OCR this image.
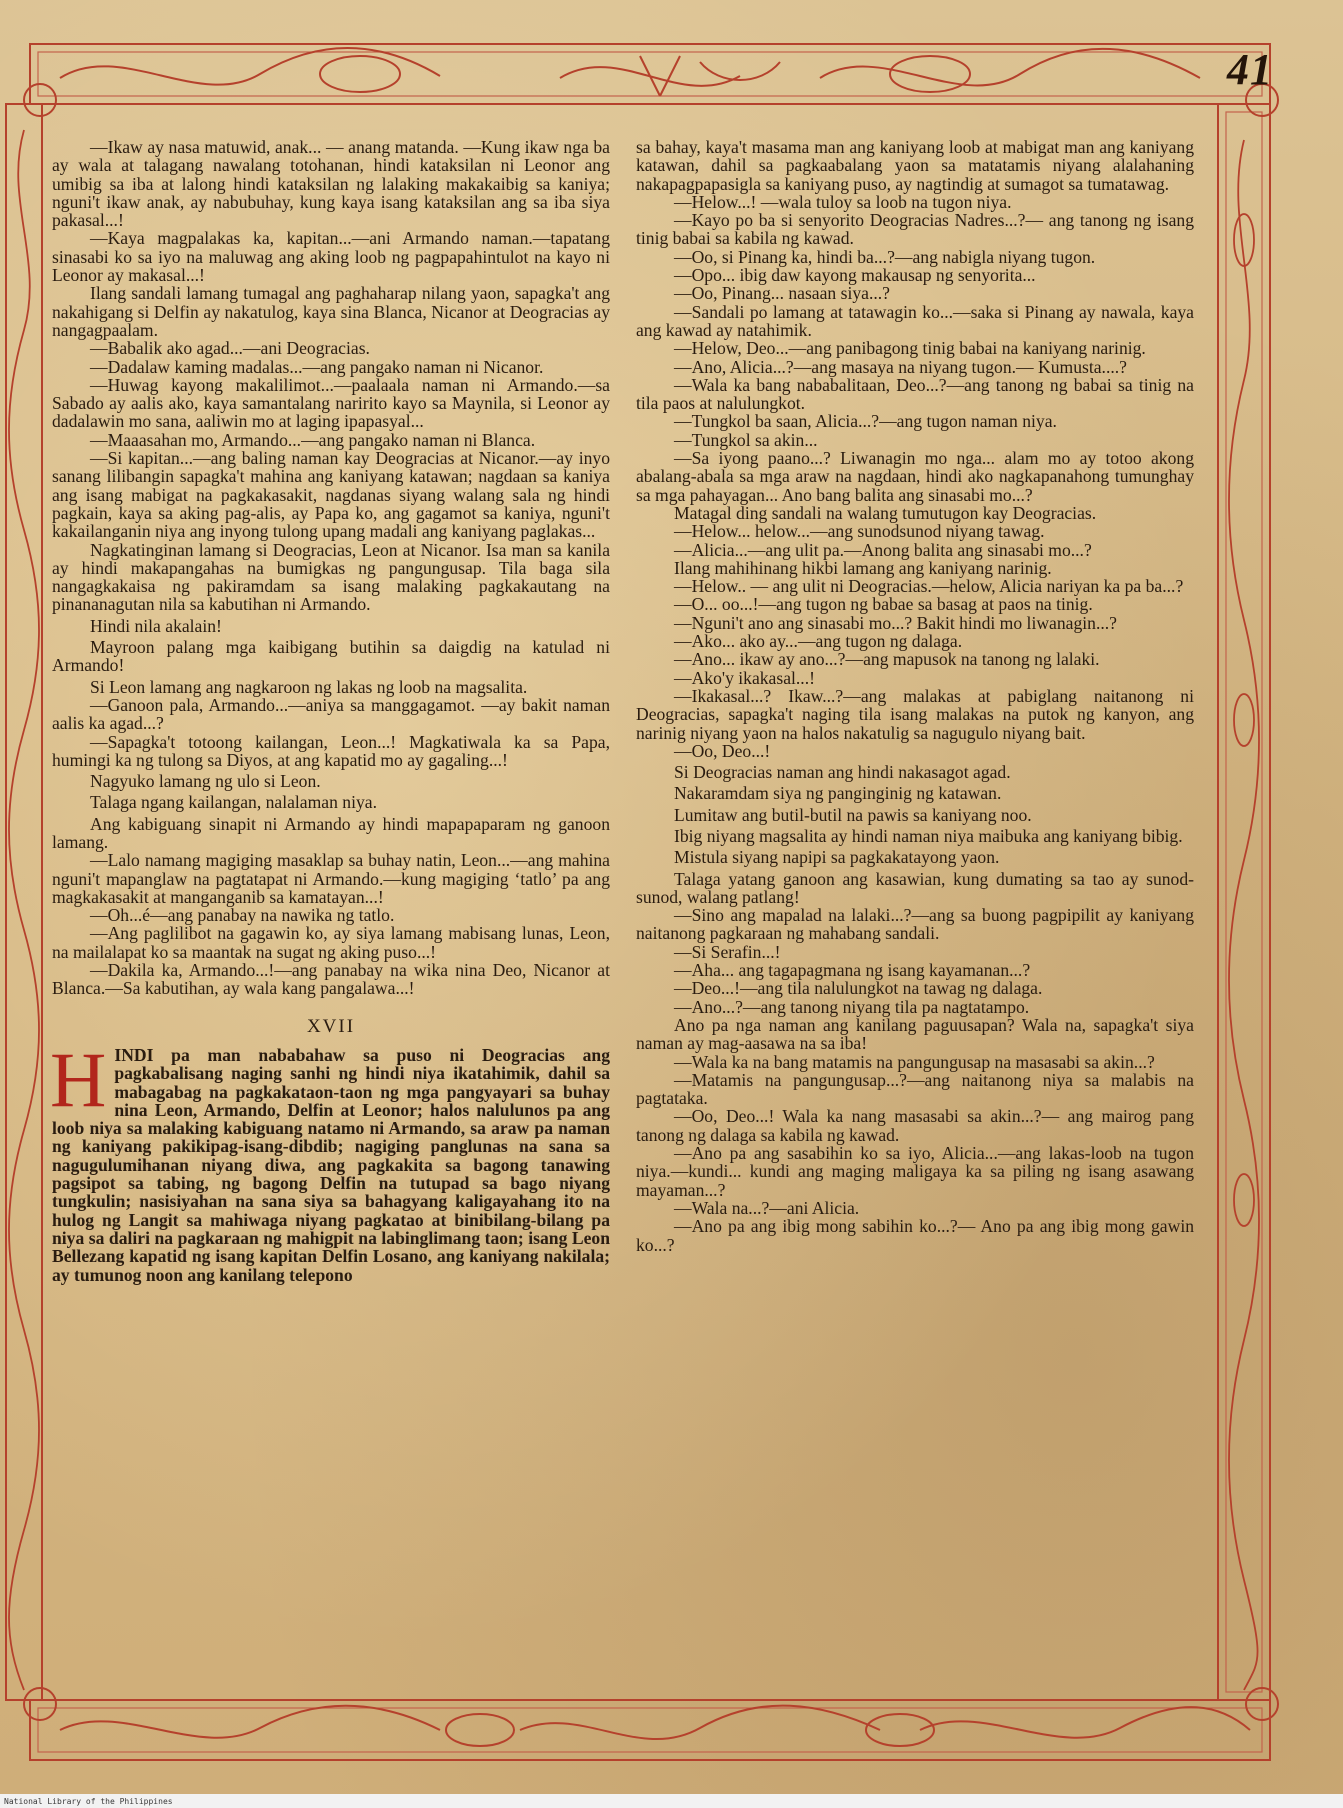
41

—Ikaw ay nasa matuwid, anak... — anang matanda. —Kung ikaw nga ba ay wala at talagang nawalang totohanan, hindi kataksilan ni Leonor ang umibig sa iba at lalong hindi kataksilan ng lalaking makakaibig sa kaniya; nguni't ikaw anak, ay nabubuhay, kung kaya isang kataksilan ang sa iba siya pakasal...!

—Kaya magpalakas ka, kapitan...—ani Armando naman.—tapatang sinasabi ko sa iyo na maluwag ang aking loob ng pagpapahintulot na kayo ni Leonor ay makasal...!

Ilang sandali lamang tumagal ang paghaharap nilang yaon, sapagka't ang nakahigang si Delfin ay nakatulog, kaya sina Blanca, Nicanor at Deogracias ay nangagpaalam.

—Babalik ako agad...—ani Deogracias.

—Dadalaw kaming madalas...—ang pangako naman ni Nicanor.

—Huwag kayong makalilimot...—paalaala naman ni Armando.—sa Sabado ay aalis ako, kaya samantalang naririto kayo sa Maynila, si Leonor ay dadalawin mo sana, aaliwin mo at laging ipapasyal...

—Maaasahan mo, Armando...—ang pangako naman ni Blanca.

—Si kapitan...—ang baling naman kay Deogracias at Nicanor.—ay inyo sanang lilibangin sapagka't mahina ang kaniyang katawan; nagdaan sa kaniya ang isang mabigat na pagkakasakit, nagdanas siyang walang sala ng hindi pagkain, kaya sa aking pag-alis, ay Papa ko, ang gagamot sa kaniya, nguni't kakailanganin niya ang inyong tulong upang madali ang kaniyang paglakas...

Nagkatinginan lamang si Deogracias, Leon at Nicanor. Isa man sa kanila ay hindi makapangahas na bumigkas ng pangungusap. Tila baga sila nangagkakaisa ng pakiramdam sa isang malaking pagkakautang na pinananagutan nila sa kabutihan ni Armando.

Hindi nila akalain!

Mayroon palang mga kaibigang butihin sa daigdig na katulad ni Armando!

Si Leon lamang ang nagkaroon ng lakas ng loob na magsalita.

—Ganoon pala, Armando...—aniya sa manggagamot. —ay bakit naman aalis ka agad...?

—Sapagka't totoong kailangan, Leon...! Magkatiwala ka sa Papa, humingi ka ng tulong sa Diyos, at ang kapatid mo ay gagaling...!

Nagyuko lamang ng ulo si Leon.

Talaga ngang kailangan, nalalaman niya.

Ang kabiguang sinapit ni Armando ay hindi mapapaparam ng ganoon lamang.

—Lalo namang magiging masaklap sa buhay natin, Leon...—ang mahina nguni't mapanglaw na pagtatapat ni Armando.—kung magiging ‘tatlo’ pa ang magkakasakit at manganganib sa kamatayan...!

—Oh...é—ang panabay na nawika ng tatlo.

—Ang paglilibot na gagawin ko, ay siya lamang mabisang lunas, Leon, na mailalapat ko sa maantak na sugat ng aking puso...!

—Dakila ka, Armando...!—ang panabay na wika nina Deo, Nicanor at Blanca.—Sa kabutihan, ay wala kang pangalawa...!

XVII
H INDI pa man nababahaw sa puso ni Deogracias ang pagkabalisang naging sanhi ng hindi niya ikatahimik, dahil sa mabagabag na pagkakataon-taon ng mga pangyayari sa buhay nina Leon, Armando, Delfin at Leonor; halos nalulunos pa ang loob niya sa malaking kabiguang natamo ni Armando, sa araw pa naman ng kaniyang pakikipag-isang-dibdib; nagiging panglunas na sana sa nagugulumihanan niyang diwa, ang pagkakita sa bagong tanawing pagsipot sa tabing, ng bagong Delfin na tutupad sa bago niyang tungkulin; nasisiyahan na sana siya sa bahagyang kaligayahang ito na hulog ng Langit sa mahiwaga niyang pagkatao at binibilang-bilang pa niya sa daliri na pagkaraan ng mahigpit na labinglimang taon; isang Leon Bellezang kapatid ng isang kapitan Delfin Losano, ang kaniyang nakilala; ay tumunog noon ang kanilang telepono

sa bahay, kaya't masama man ang kaniyang loob at mabigat man ang kaniyang katawan, dahil sa pagkaabalang yaon sa matatamis niyang alalahaning nakapagpapasigla sa kaniyang puso, ay nagtindig at sumagot sa tumatawag.

—Helow...! —wala tuloy sa loob na tugon niya.

—Kayo po ba si senyorito Deogracias Nadres...?— ang tanong ng isang tinig babai sa kabila ng kawad.

—Oo, si Pinang ka, hindi ba...?—ang nabigla niyang tugon.

—Opo... ibig daw kayong makausap ng senyorita...

—Oo, Pinang... nasaan siya...?

—Sandali po lamang at tatawagin ko...—saka si Pinang ay nawala, kaya ang kawad ay natahimik.

—Helow, Deo...—ang panibagong tinig babai na kaniyang narinig.

—Ano, Alicia...?—ang masaya na niyang tugon.— Kumusta....?

—Wala ka bang nababalitaan, Deo...?—ang tanong ng babai sa tinig na tila paos at nalulungkot.

—Tungkol ba saan, Alicia...?—ang tugon naman niya.

—Tungkol sa akin...

—Sa iyong paano...? Liwanagin mo nga... alam mo ay totoo akong abalang-abala sa mga araw na nagdaan, hindi ako nagkapanahong tumunghay sa mga pahayagan... Ano bang balita ang sinasabi mo...?

Matagal ding sandali na walang tumutugon kay Deogracias.

—Helow... helow...—ang sunodsunod niyang tawag.

—Alicia...—ang ulit pa.—Anong balita ang sinasabi mo...?

Ilang mahihinang hikbi lamang ang kaniyang narinig.

—Helow.. — ang ulit ni Deogracias.—helow, Alicia nariyan ka pa ba...?

—O... oo...!—ang tugon ng babae sa basag at paos na tinig.

—Nguni't ano ang sinasabi mo...? Bakit hindi mo liwanagin...?

—Ako... ako ay...—ang tugon ng dalaga.

—Ano... ikaw ay ano...?—ang mapusok na tanong ng lalaki.

—Ako'y ikakasal...!

—Ikakasal...? Ikaw...?—ang malakas at pabiglang naitanong ni Deogracias, sapagka't naging tila isang malakas na putok ng kanyon, ang narinig niyang yaon na halos nakatulig sa nagugulo niyang bait.

—Oo, Deo...!

Si Deogracias naman ang hindi nakasagot agad.

Nakaramdam siya ng panginginig ng katawan.

Lumitaw ang butil-butil na pawis sa kaniyang noo.

Ibig niyang magsalita ay hindi naman niya maibuka ang kaniyang bibig.

Mistula siyang napipi sa pagkakatayong yaon.

Talaga yatang ganoon ang kasawian, kung dumating sa tao ay sunod-sunod, walang patlang!

—Sino ang mapalad na lalaki...?—ang sa buong pagpipilit ay kaniyang naitanong pagkaraan ng mahabang sandali.

—Si Serafin...!

—Aha... ang tagapagmana ng isang kayamanan...?

—Deo...!—ang tila nalulungkot na tawag ng dalaga.

—Ano...?—ang tanong niyang tila pa nagtatampo.

Ano pa nga naman ang kanilang paguusapan? Wala na, sapagka't siya naman ay mag-aasawa na sa iba!

—Wala ka na bang matamis na pangungusap na masasabi sa akin...?

—Matamis na pangungusap...?—ang naitanong niya sa malabis na pagtataka.

—Oo, Deo...! Wala ka nang masasabi sa akin...?— ang mairog pang tanong ng dalaga sa kabila ng kawad.

—Ano pa ang sasabihin ko sa iyo, Alicia...—ang lakas-loob na tugon niya.—kundi... kundi ang maging maligaya ka sa piling ng isang asawang mayaman...?

—Wala na...?—ani Alicia.

—Ano pa ang ibig mong sabihin ko...?— Ano pa ang ibig mong gawin ko...?

National Library of the Philippines
